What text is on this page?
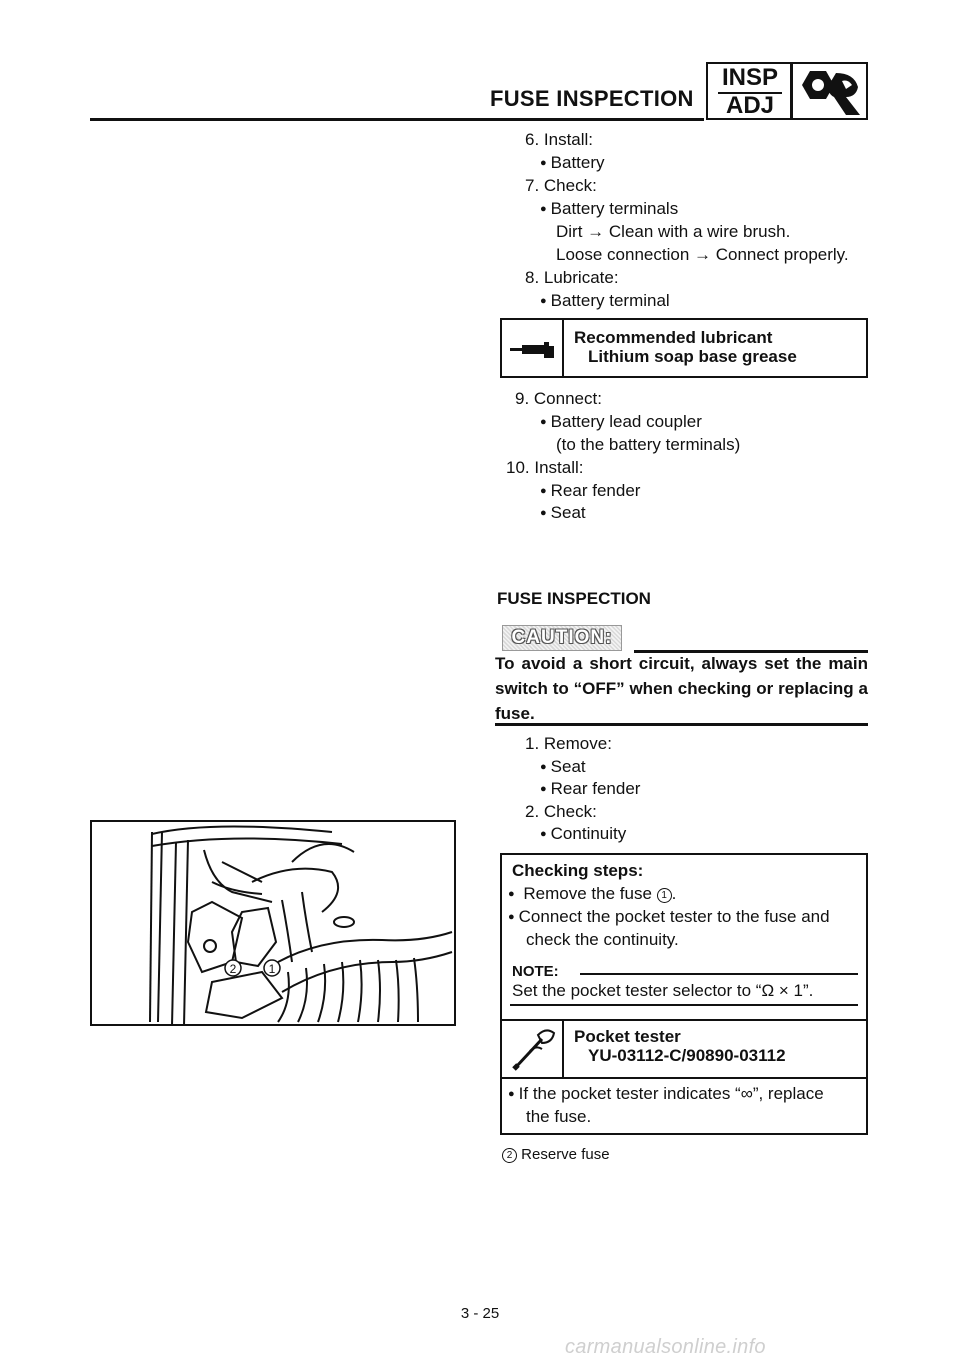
FUSE INSPECTION
INSP
ADJ
6. Install:
● Battery
7. Check:
● Battery terminals
Dirt → Clean with a wire brush.
Loose connection → Connect properly.
8. Lubricate:
● Battery terminal
Recommended lubricant
Lithium soap base grease
9. Connect:
● Battery lead coupler
(to the battery terminals)
10. Install:
● Rear fender
● Seat
FUSE INSPECTION
CAUTION:
To avoid a short circuit, always set the main switch to “OFF” when checking or replacing a fuse.
1. Remove:
● Seat
● Rear fender
2. Check:
● Continuity
2	1
Checking steps:
● Remove the fuse 1 .
● Connect the pocket tester to the fuse and
check the continuity.
NOTE:
Set the pocket tester selector to “Ω × 1”.
Pocket tester
YU-03112-C/90890-03112
● If the pocket tester indicates “∞”, replace
the fuse.
2 Reserve fuse
3 - 25
carmanualsonline.info
